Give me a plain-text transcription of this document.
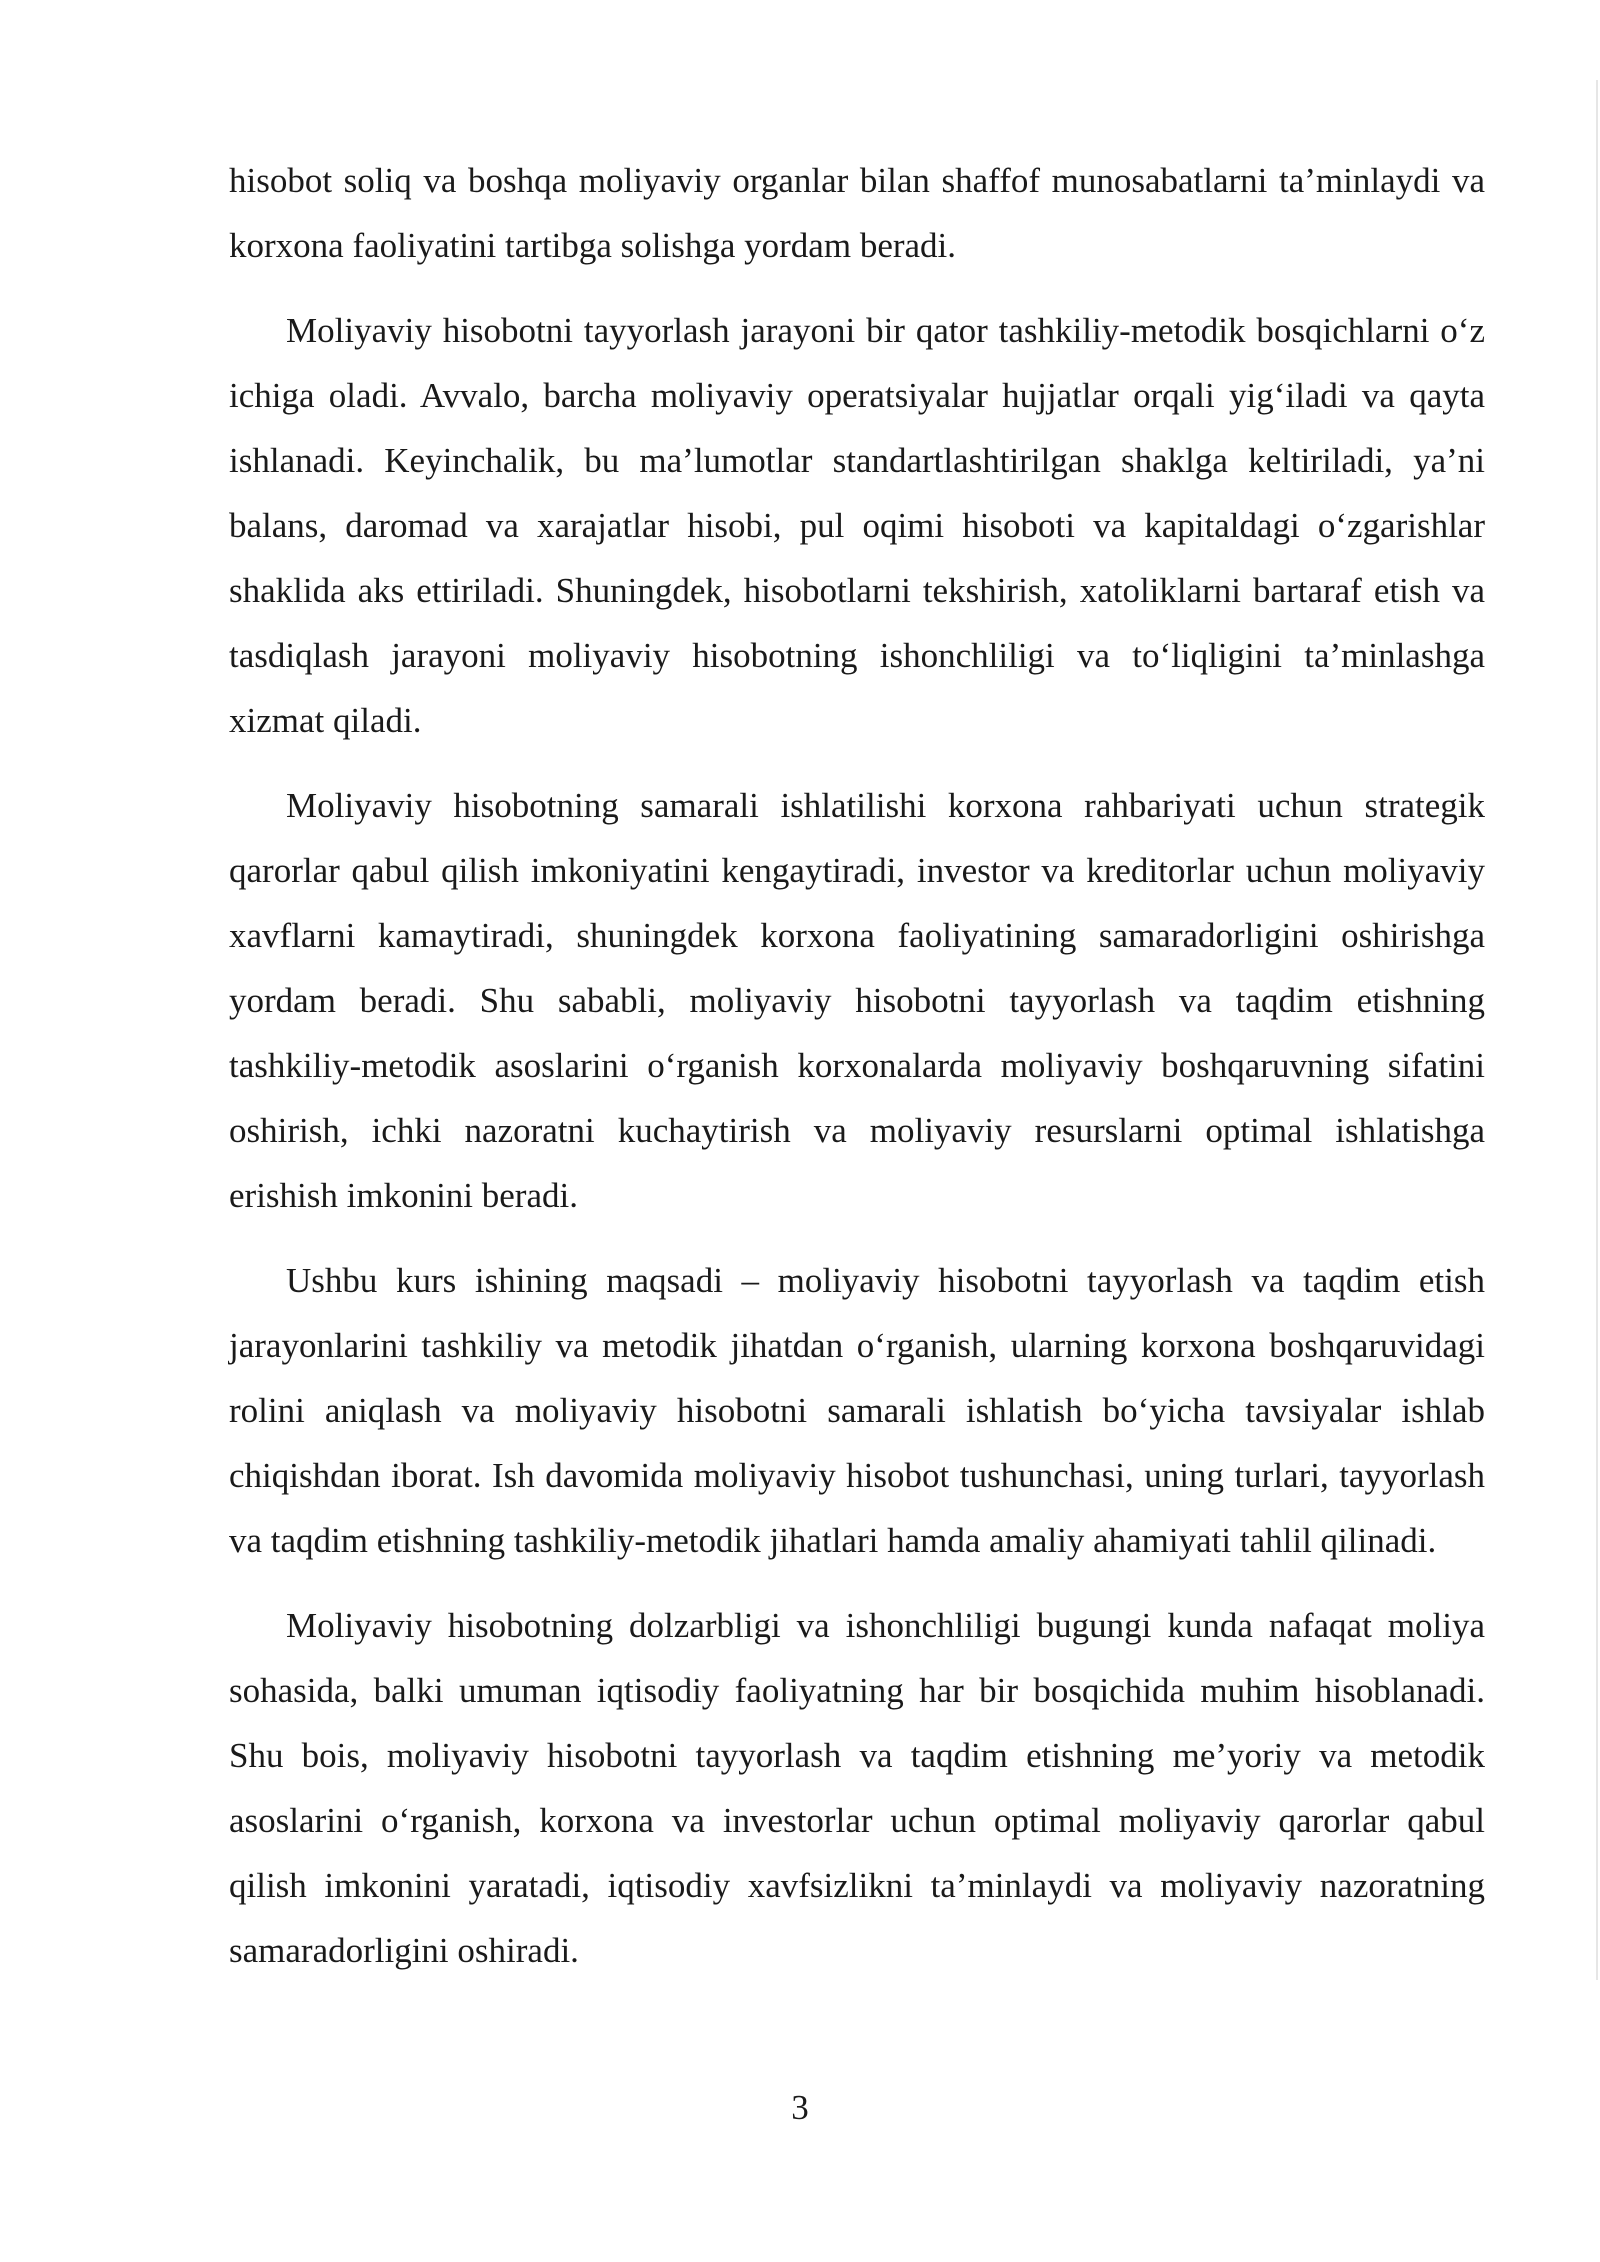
hisobot soliq va boshqa moliyaviy organlar bilan shaffof munosabatlarni ta’minlaydi va korxona faoliyatini tartibga solishga yordam beradi.

Moliyaviy hisobotni tayyorlash jarayoni bir qator tashkiliy-metodik bosqichlarni o‘z ichiga oladi. Avvalo, barcha moliyaviy operatsiyalar hujjatlar orqali yig‘iladi va qayta ishlanadi. Keyinchalik, bu ma’lumotlar standartlashtirilgan shaklga keltiriladi, ya’ni balans, daromad va xarajatlar hisobi, pul oqimi hisoboti va kapitaldagi o‘zgarishlar shaklida aks ettiriladi. Shuningdek, hisobotlarni tekshirish, xatoliklarni bartaraf etish va tasdiqlash jarayoni moliyaviy hisobotning ishonchliligi va to‘liqligini ta’minlashga xizmat qiladi.

Moliyaviy hisobotning samarali ishlatilishi korxona rahbariyati uchun strategik qarorlar qabul qilish imkoniyatini kengaytiradi, investor va kreditorlar uchun moliyaviy xavflarni kamaytiradi, shuningdek korxona faoliyatining samaradorligini oshirishga yordam beradi. Shu sababli, moliyaviy hisobotni tayyorlash va taqdim etishning tashkiliy-metodik asoslarini o‘rganish korxonalarda moliyaviy boshqaruvning sifatini oshirish, ichki nazoratni kuchaytirish va moliyaviy resurslarni optimal ishlatishga erishish imkonini beradi.

Ushbu kurs ishining maqsadi – moliyaviy hisobotni tayyorlash va taqdim etish jarayonlarini tashkiliy va metodik jihatdan o‘rganish, ularning korxona boshqaruvidagi rolini aniqlash va moliyaviy hisobotni samarali ishlatish bo‘yicha tavsiyalar ishlab chiqishdan iborat. Ish davomida moliyaviy hisobot tushunchasi, uning turlari, tayyorlash va taqdim etishning tashkiliy-metodik jihatlari hamda amaliy ahamiyati tahlil qilinadi.

Moliyaviy hisobotning dolzarbligi va ishonchliligi bugungi kunda nafaqat moliya sohasida, balki umuman iqtisodiy faoliyatning har bir bosqichida muhim hisoblanadi. Shu bois, moliyaviy hisobotni tayyorlash va taqdim etishning me’yoriy va metodik asoslarini o‘rganish, korxona va investorlar uchun optimal moliyaviy qarorlar qabul qilish imkonini yaratadi, iqtisodiy xavfsizlikni ta’minlaydi va moliyaviy nazoratning samaradorligini oshiradi.

3
